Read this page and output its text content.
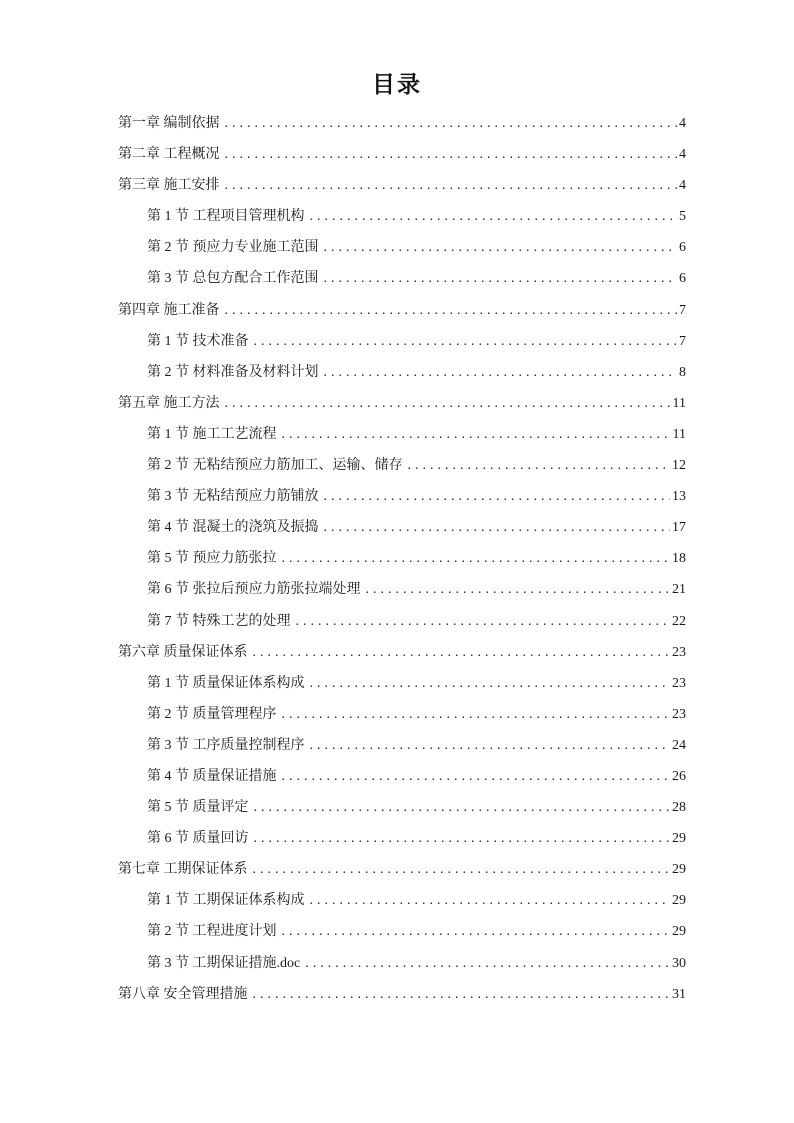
目录
第一章 编制依据 .....	4
第二章 工程概况 .....	4
第三章 施工安排 .....	4
第 1 节 工程项目管理机构 .....	5
第 2 节 预应力专业施工范围 .....	6
第 3 节 总包方配合工作范围 .....	6
第四章 施工准备 .....	7
第 1 节 技术准备 .....	7
第 2 节 材料准备及材料计划 .....	8
第五章 施工方法 .....	11
第 1 节 施工工艺流程 .....	11
第 2 节 无粘结预应力筋加工、运输、储存 .....	12
第 3 节 无粘结预应力筋铺放 .....	13
第 4 节 混凝土的浇筑及振捣 .....	17
第 5 节 预应力筋张拉 .....	18
第 6 节 张拉后预应力筋张拉端处理 .....	21
第 7 节 特殊工艺的处理 .....	22
第六章 质量保证体系 .....	23
第 1 节 质量保证体系构成 .....	23
第 2 节 质量管理程序 .....	23
第 3 节 工序质量控制程序 .....	24
第 4 节 质量保证措施 .....	26
第 5 节 质量评定 .....	28
第 6 节 质量回访 .....	29
第七章 工期保证体系 .....	29
第 1 节 工期保证体系构成 .....	29
第 2 节 工程进度计划 .....	29
第 3 节 工期保证措施.doc .....	30
第八章 安全管理措施 .....	31
